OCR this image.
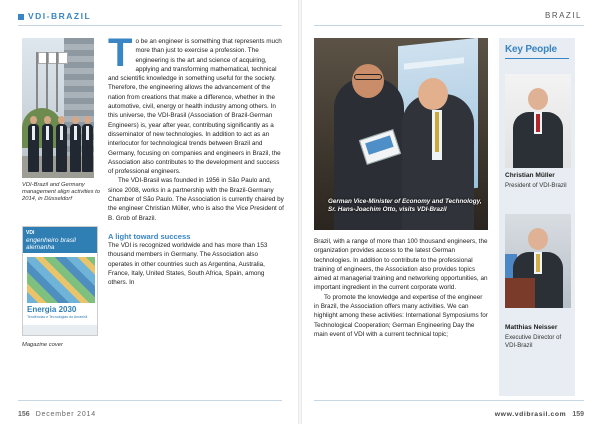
VDI-BRAZIL
VDI-Brazil and Germany management align activities to 2014, in Düsseldorf
VDI
engenheiro brasil alemanha
Energia 2030
Tendências e Tecnologias do Amanhã
Magazine cover

To be an engineer is something that represents much more than just to exercise a profession. The engineering is the art and science of acquiring, applying and transforming mathematical, technical and scientific knowledge in something useful for the society. Therefore, the engineering allows the advancement of the nation from creations that make a difference, whether in the automotive, civil, energy or health industry among others. In this universe, the VDI-Brasil (Association of Brazil-German Engineers) is, year after year, contributing significantly as a disseminator of new technologies. In addition to act as an interlocutor for technological trends between Brazil and Germany, focusing on companies and engineers in Brazil, the Association also contributes to the development and success of professional engineers.

The VDI-Brasil was founded in 1956 in São Paulo and, since 2008, works in a partnership with the Brazil-Germany Chamber of São Paulo. The Association is currently chaired by the engineer Christian Müller, who is also the Vice President of B. Grob of Brazil.

A light toward success

The VDI is recognized worldwide and has more than 153 thousand members in Germany. The Association also operates in other countries such as Argentina, Australia, France, Italy, United States, South Africa, Spain, among others. In

156 December 2014
BRAZIL
German Vice-Minister of Economy and Technology, Sr. Hans-Joachim Otto, visits VDI-Brazil

Brazil, with a range of more than 100 thousand engineers, the organization provides access to the latest German technologies. In addition to contribute to the professional training of engineers, the Association also provides topics aimed at managerial training and networking opportunities, an important ingredient in the current corporate world.

To promote the knowledge and expertise of the engineer in Brazil, the Association offers many activities. We can highlight among these activities: International Symposiums for Technological Cooperation; German Engineering Day the main event of VDI with a current technical topic;

Key People
Christian Müller
President of VDI-Brazil
Matthias Neisser
Executive Director of VDI-Brazil
www.vdibrasil.com 159
